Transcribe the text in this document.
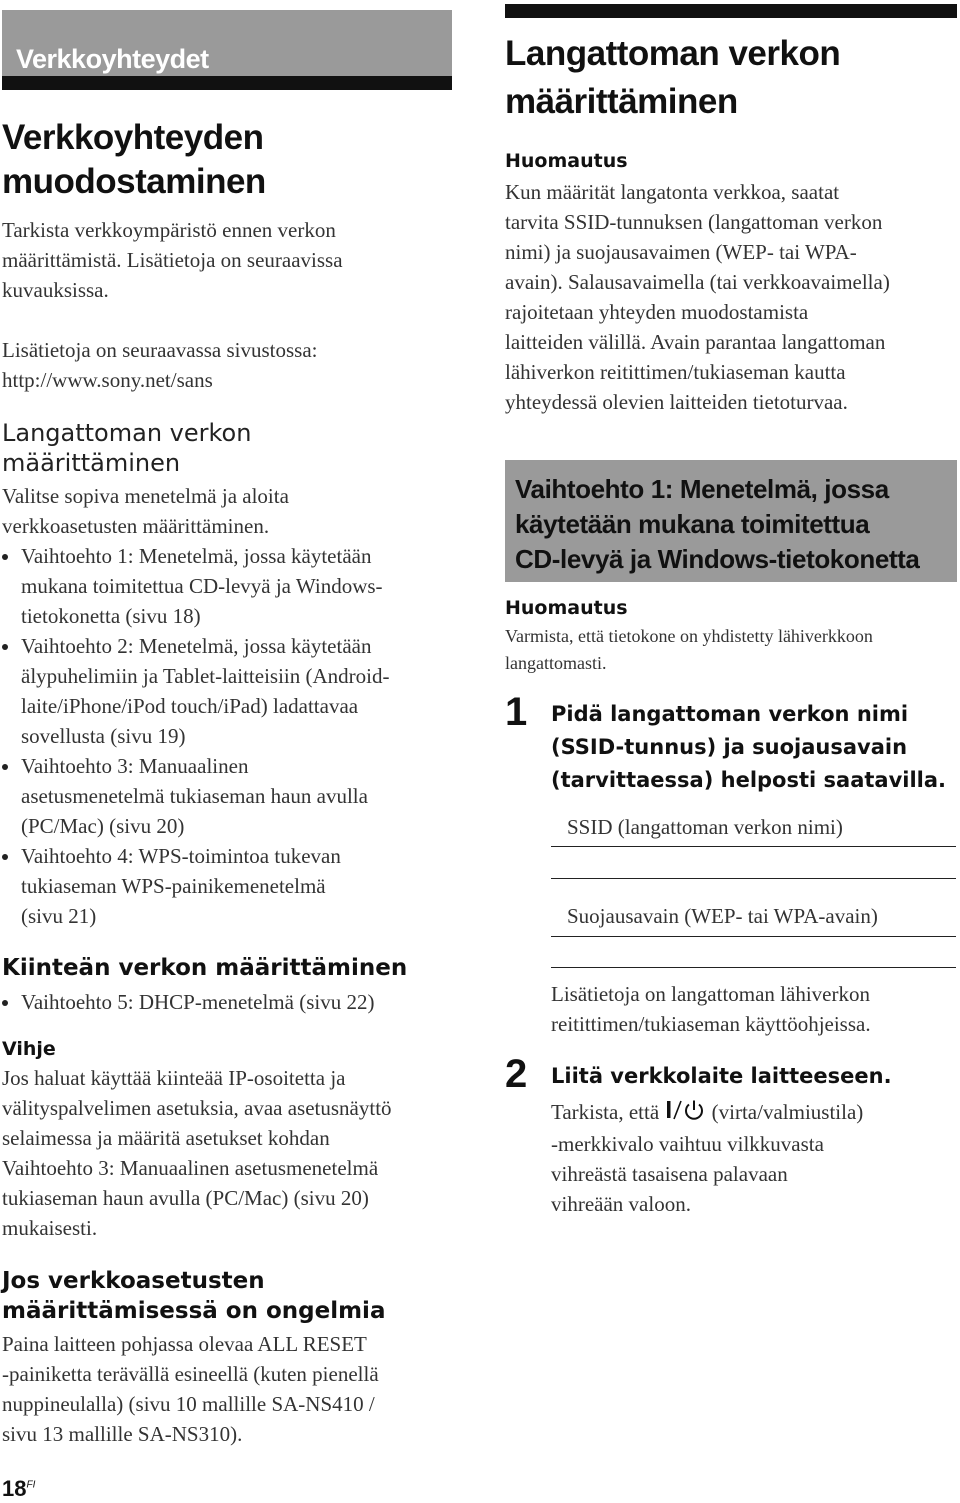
Verkkoyhteydet
Verkkoyhteyden
muodostaminen
Tarkista verkkoympäristö ennen verkon
määrittämistä. Lisätietoja on seuraavissa
kuvauksissa.
Lisätietoja on seuraavassa sivustossa:
http://www.sony.net/sans
Langattoman verkon
määrittäminen
Valitse sopiva menetelmä ja aloita
verkkoasetusten määrittäminen.
Vaihtoehto 1: Menetelmä, jossa käytetään
mukana toimitettua CD-levyä ja Windows-
tietokonetta (sivu 18)
Vaihtoehto 2: Menetelmä, jossa käytetään
älypuhelimiin ja Tablet-laitteisiin (Android-
laite/iPhone/iPod touch/iPad) ladattavaa
sovellusta (sivu 19)
Vaihtoehto 3: Manuaalinen
asetusmenetelmä tukiaseman haun avulla
(PC/Mac) (sivu 20)
Vaihtoehto 4: WPS-toimintoa tukevan
tukiaseman WPS-painikemenetelmä
(sivu 21)
Kiinteän verkon määrittäminen
Vaihtoehto 5: DHCP-menetelmä (sivu 22)
Vihje
Jos haluat käyttää kiinteää IP-osoitetta ja
välityspalvelimen asetuksia, avaa asetusnäyttö
selaimessa ja määritä asetukset kohdan
Vaihtoehto 3: Manuaalinen asetusmenetelmä
tukiaseman haun avulla (PC/Mac) (sivu 20)
mukaisesti.
Jos verkkoasetusten
määrittämisessä on ongelmia
Paina laitteen pohjassa olevaa ALL RESET
-painiketta terävällä esineellä (kuten pienellä
nuppineulalla) (sivu 10 mallille SA-NS410 /
sivu 13 mallille SA-NS310).
$18^{FI}$
Langattoman verkon
määrittäminen
Huomautus
Kun määrität langatonta verkkoa, saatat
tarvita SSID-tunnuksen (langattoman verkon
nimi) ja suojausavaimen (WEP- tai WPA-
avain). Salausavaimella (tai verkkoavaimella)
rajoitetaan yhteyden muodostamista
laitteiden välillä. Avain parantaa langattoman
lähiverkon reitittimen/tukiaseman kautta
yhteydessä olevien laitteiden tietoturvaa.
Vaihtoehto 1: Menetelmä, jossa
käytetään mukana toimitettua
CD-levyä ja Windows-tietokonetta
Huomautus
Varmista, että tietokone on yhdistetty lähiverkkoon
langattomasti.
1 Pidä langattoman verkon nimi
(SSID-tunnus) ja suojausavain
(tarvittaessa) helposti saatavilla.
SSID (langattoman verkon nimi)
Suojausavain (WEP- tai WPA-avain)
Lisätietoja on langattoman lähiverkon
reitittimen/tukiaseman käyttöohjeissa.
2 Liitä verkkolaite laitteeseen.
Tarkista, että  (virta/valmiustila)
-merkkivalo vaihtuu vilkkuvasta
vihreästä tasaisena palavaan
vihreään valoon.
